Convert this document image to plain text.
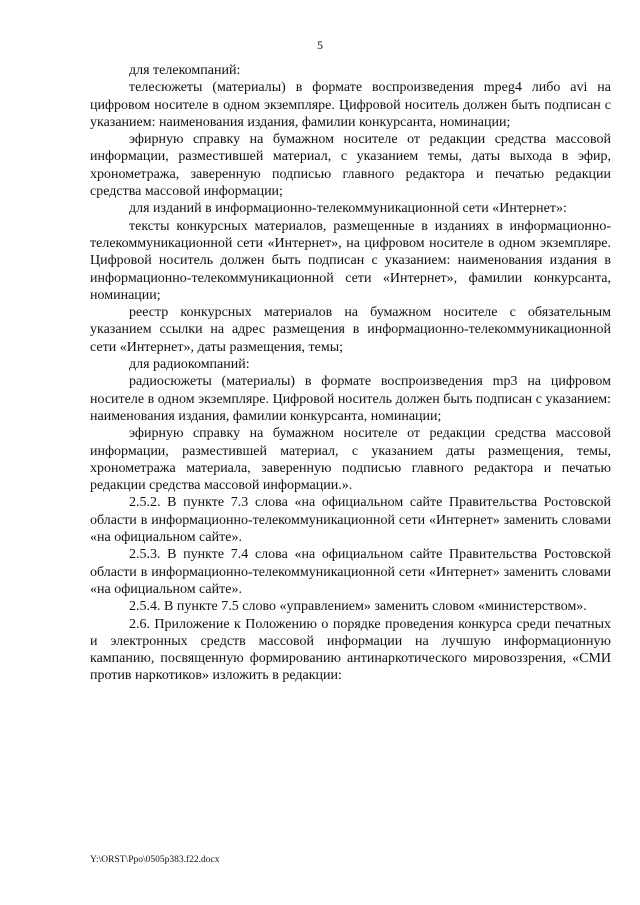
5

для телекомпаний:

телесюжеты (материалы) в формате воспроизведения mpeg4 либо avi на цифровом носителе в одном экземпляре. Цифровой носитель должен быть подписан с указанием: наименования издания, фамилии конкурсанта, номинации;

эфирную справку на бумажном носителе от редакции средства массовой информации, разместившей материал, с указанием темы, даты выхода в эфир, хронометража, заверенную подписью главного редактора и печатью редакции средства массовой информации;

для изданий в информационно-телекоммуникационной сети «Интернет»:

тексты конкурсных материалов, размещенные в изданиях в информационно-телекоммуникационной сети «Интернет», на цифровом носителе в одном экземпляре. Цифровой носитель должен быть подписан с указанием: наименования издания в информационно-телекоммуникационной сети «Интернет», фамилии конкурсанта, номинации;

реестр конкурсных материалов на бумажном носителе с обязательным указанием ссылки на адрес размещения в информационно-телекоммуникационной сети «Интернет», даты размещения, темы;

для радиокомпаний:

радиосюжеты (материалы) в формате воспроизведения mp3 на цифровом носителе в одном экземпляре. Цифровой носитель должен быть подписан с указанием: наименования издания, фамилии конкурсанта, номинации;

эфирную справку на бумажном носителе от редакции средства массовой информации, разместившей материал, с указанием даты размещения, темы, хронометража материала, заверенную подписью главного редактора и печатью редакции средства массовой информации.».

2.5.2. В пункте 7.3 слова «на официальном сайте Правительства Ростовской области в информационно-телекоммуникационной сети «Интернет» заменить словами «на официальном сайте».

2.5.3. В пункте 7.4 слова «на официальном сайте Правительства Ростовской области в информационно-телекоммуникационной сети «Интернет» заменить словами «на официальном сайте».

2.5.4. В пункте 7.5 слово «управлением» заменить словом «министерством».

2.6. Приложение к Положению о порядке проведения конкурса среди печатных и электронных средств массовой информации на лучшую информационную кампанию, посвященную формированию антинаркотического мировоззрения, «СМИ против наркотиков» изложить в редакции:

Y:\ORST\Ppo\0505p383.f22.docx
